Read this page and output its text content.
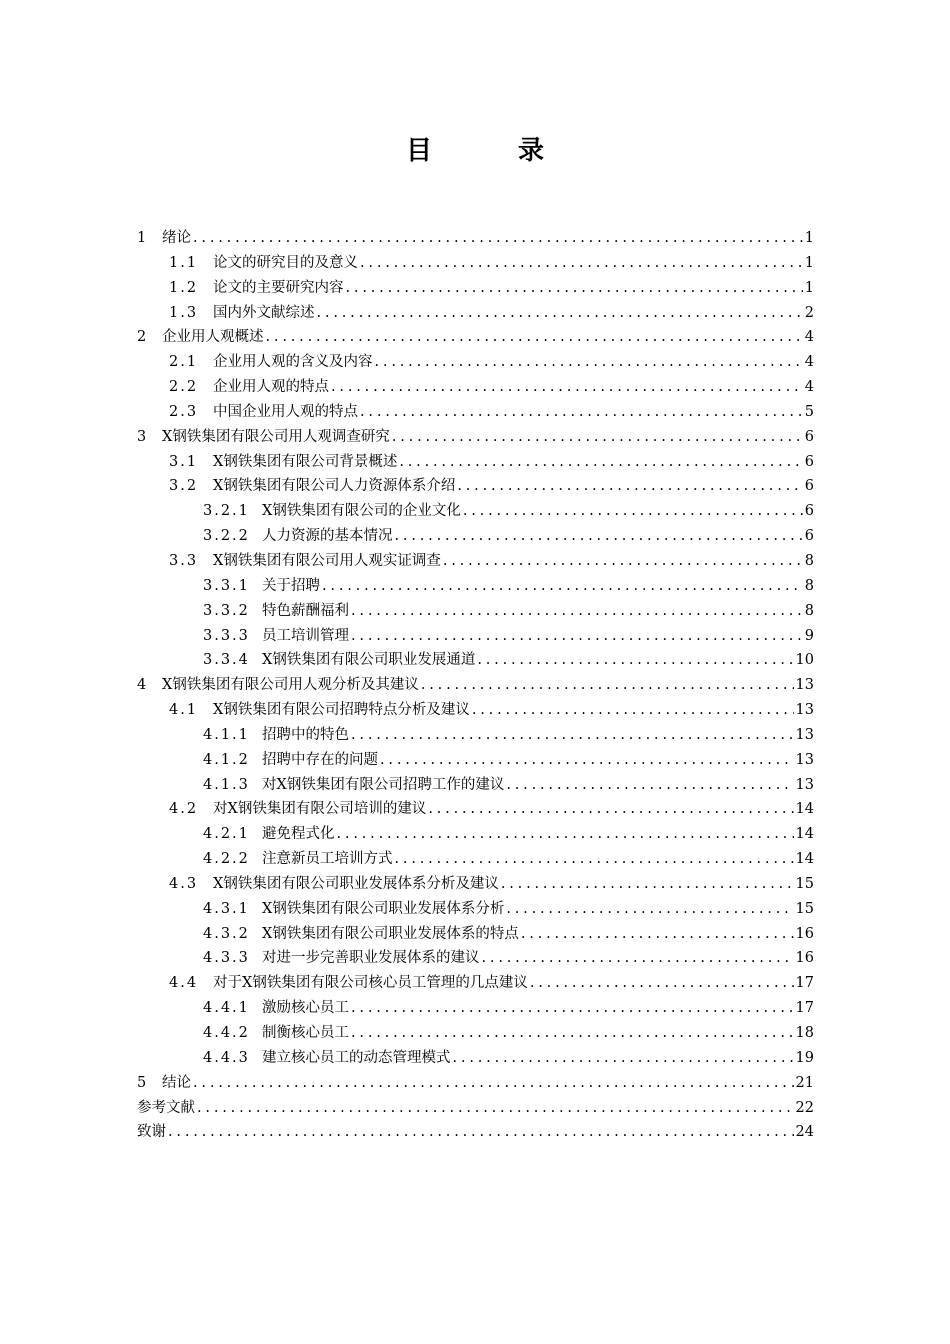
目　录
1 绪论 . . .	1
1.1	论文的研究目的及意义 . . .	1
1.2	论文的主要研究内容 . . .	1
1.3	国内外文献综述 . . .	2
2 企业用人观概述 . . .	4
2.1	企业用人观的含义及内容 . . .	4
2.2	企业用人观的特点 . . .	4
2.3	中国企业用人观的特点 . . .	5
3 X钢铁集团有限公司用人观调查研究 . . .	6
3.1	X钢铁集团有限公司背景概述 . . .	6
3.2	X钢铁集团有限公司人力资源体系介绍 . . .	6
3.2.1 X钢铁集团有限公司的企业文化 . . .	6
3.2.2 人力资源的基本情况 . . .	6
3.3	X钢铁集团有限公司用人观实证调查 . . .	8
3.3.1 关于招聘 . . .	8
3.3.2 特色薪酬福利 . . .	8
3.3.3 员工培训管理 . . .	9
3.3.4 X钢铁集团有限公司职业发展通道 . . .	10
4 X钢铁集团有限公司用人观分析及其建议 . . .	13
4.1	X钢铁集团有限公司招聘特点分析及建议 . . .	13
4.1.1 招聘中的特色 . . .	13
4.1.2 招聘中存在的问题 . . .	13
4.1.3 对X钢铁集团有限公司招聘工作的建议 . . .	13
4.2	对X钢铁集团有限公司培训的建议 . . .	14
4.2.1 避免程式化 . . .	14
4.2.2 注意新员工培训方式 . . .	14
4.3	X钢铁集团有限公司职业发展体系分析及建议 . . .	15
4.3.1 X钢铁集团有限公司职业发展体系分析 . . .	15
4.3.2 X钢铁集团有限公司职业发展体系的特点 . . .	16
4.3.3 对进一步完善职业发展体系的建议 . . .	16
4.4	对于X钢铁集团有限公司核心员工管理的几点建议 . . .	17
4.4.1 激励核心员工 . . .	17
4.4.2 制衡核心员工 . . .	18
4.4.3 建立核心员工的动态管理模式 . . .	19
5 结论 . . .	21
参考文献 . . .	22
致谢 . . .	24
